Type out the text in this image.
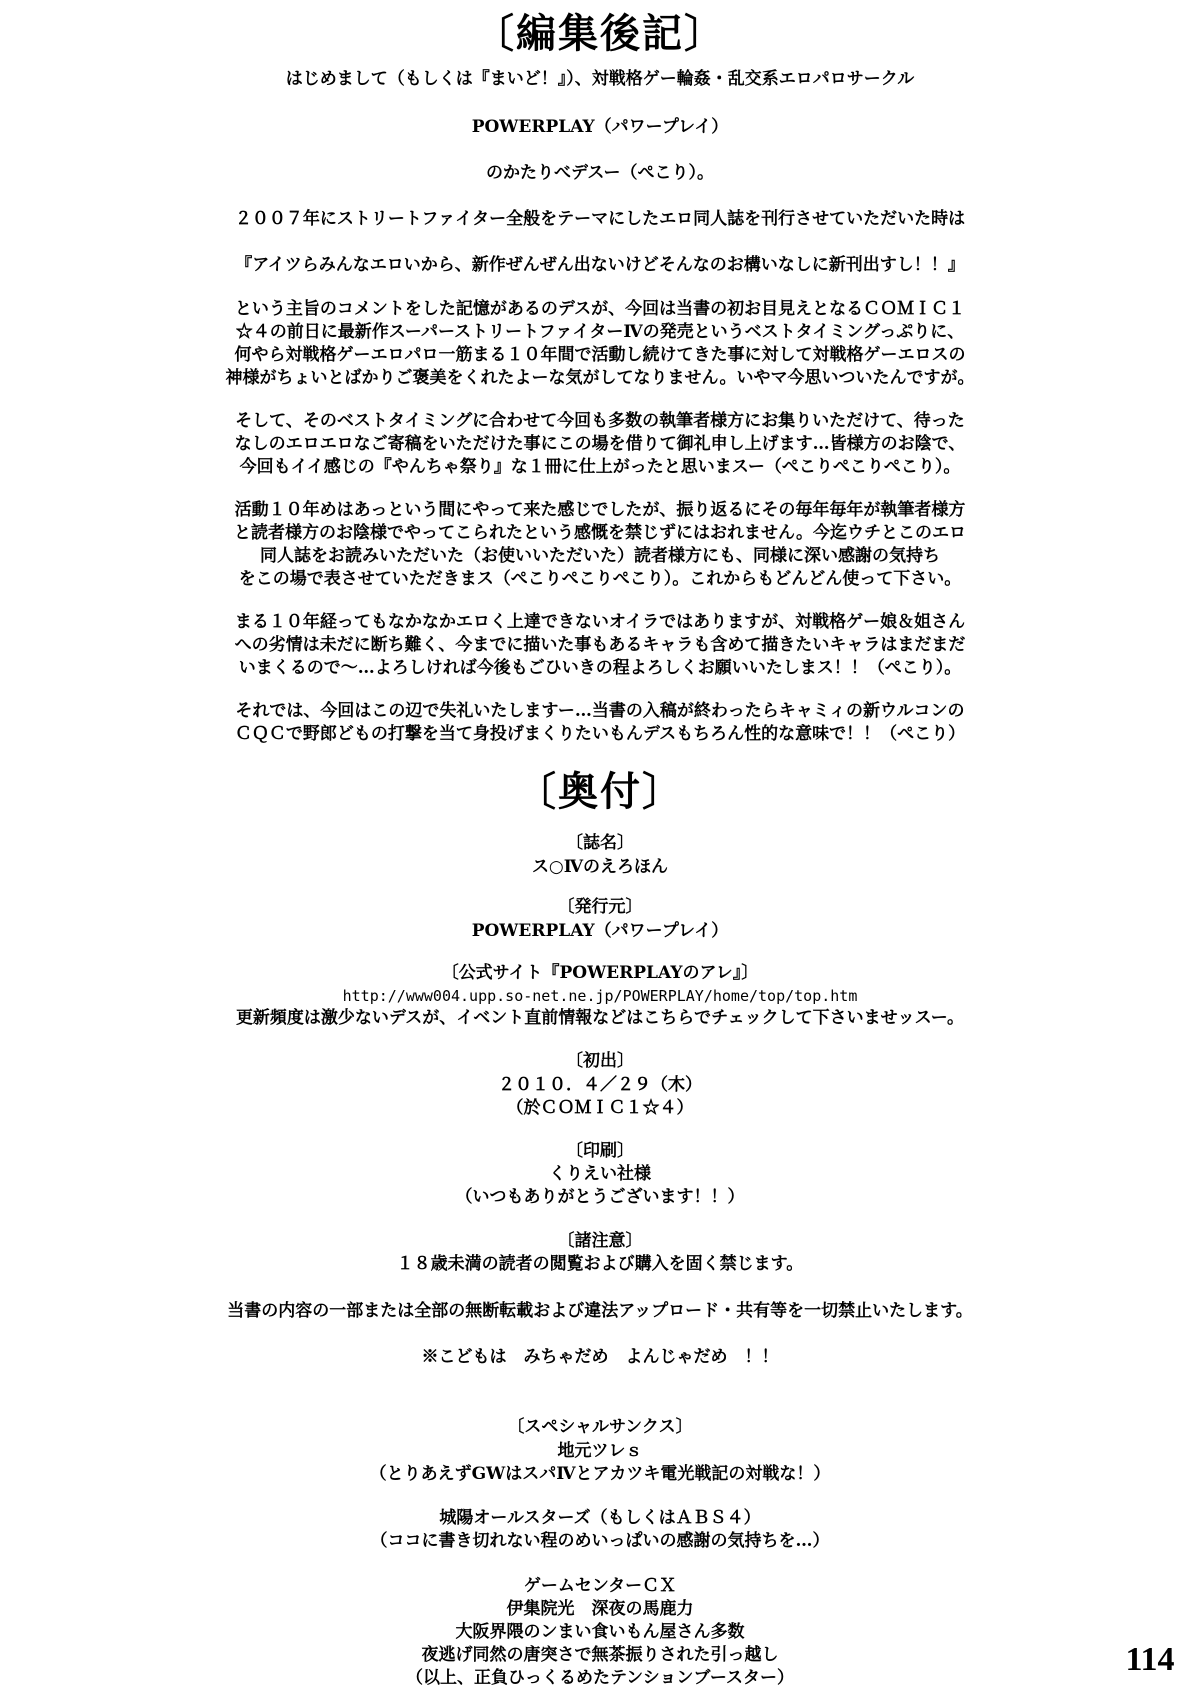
〔編集後記〕
はじめまして（もしくは『まいど！』）、対戦格ゲー輪姦・乱交系エロパロサークル
POWERPLAY（パワープレイ）
のかたりべデスー（ぺこり）。
２００７年にストリートファイター全般をテーマにしたエロ同人誌を刊行させていただいた時は
『アイツらみんなエロいから、新作ぜんぜん出ないけどそんなのお構いなしに新刊出すし！！』
という主旨のコメントをした記憶があるのデスが、今回は当書の初お目見えとなるＣＯＭＩＣ１
☆４の前日に最新作スーパーストリートファイターⅣの発売というベストタイミングっぷりに、
何やら対戦格ゲーエロパロ一筋まる１０年間で活動し続けてきた事に対して対戦格ゲーエロスの
神様がちょいとばかりご褒美をくれたよーな気がしてなりません。いやマ今思いついたんですが。
そして、そのベストタイミングに合わせて今回も多数の執筆者様方にお集りいただけて、待った
なしのエロエロなご寄稿をいただけた事にこの場を借りて御礼申し上げます…皆様方のお陰で、
今回もイイ感じの『やんちゃ祭り』な１冊に仕上がったと思いまスー（ぺこりぺこりぺこり）。
活動１０年めはあっという間にやって来た感じでしたが、振り返るにその毎年毎年が執筆者様方
と読者様方のお陰様でやってこられたという感慨を禁じずにはおれません。今迄ウチとこのエロ
同人誌をお読みいただいた（お使いいただいた）読者様方にも、同様に深い感謝の気持ち
をこの場で表させていただきまス（ぺこりぺこりぺこり）。これからもどんどん使って下さい。
まる１０年経ってもなかなかエロく上達できないオイラではありますが、対戦格ゲー娘＆姐さん
への劣情は未だに断ち難く、今までに描いた事もあるキャラも含めて描きたいキャラはまだまだ
いまくるので～…よろしければ今後もごひいきの程よろしくお願いいたしまス！！（ぺこり）。
それでは、今回はこの辺で失礼いたしますー…当書の入稿が終わったらキャミィの新ウルコンの
ＣＱＣで野郎どもの打撃を当て身投げまくりたいもんデスもちろん性的な意味で！！（ぺこり）
〔奥付〕
〔誌名〕
ス○Ⅳのえろほん
〔発行元〕
POWERPLAY（パワープレイ）
〔公式サイト『POWERPLAYのアレ』〕
http://www004.upp.so-net.ne.jp/POWERPLAY/home/top/top.htm
更新頻度は激少ないデスが、イベント直前情報などはこちらでチェックして下さいませッスー。
〔初出〕
２０１０．４／２９（木）
（於ＣＯＭＩＣ１☆４）
〔印刷〕
くりえい社様
（いつもありがとうございます！！）
〔諸注意〕
１８歳未満の読者の閲覧および購入を固く禁じます。
当書の内容の一部または全部の無断転載および違法アップロード・共有等を一切禁止いたします。
※こどもは　みちゃだめ　よんじゃだめ　！！
〔スペシャルサンクス〕
地元ツレｓ
（とりあえずGWはスパⅣとアカツキ電光戦記の対戦な！）
城陽オールスターズ（もしくはＡＢＳ４）
（ココに書き切れない程のめいっぱいの感謝の気持ちを…）
ゲームセンターＣＸ
伊集院光　深夜の馬鹿力
大阪界隈のンまい食いもん屋さん多数
夜逃げ同然の唐突さで無茶振りされた引っ越し
（以上、正負ひっくるめたテンションブースター）	114
